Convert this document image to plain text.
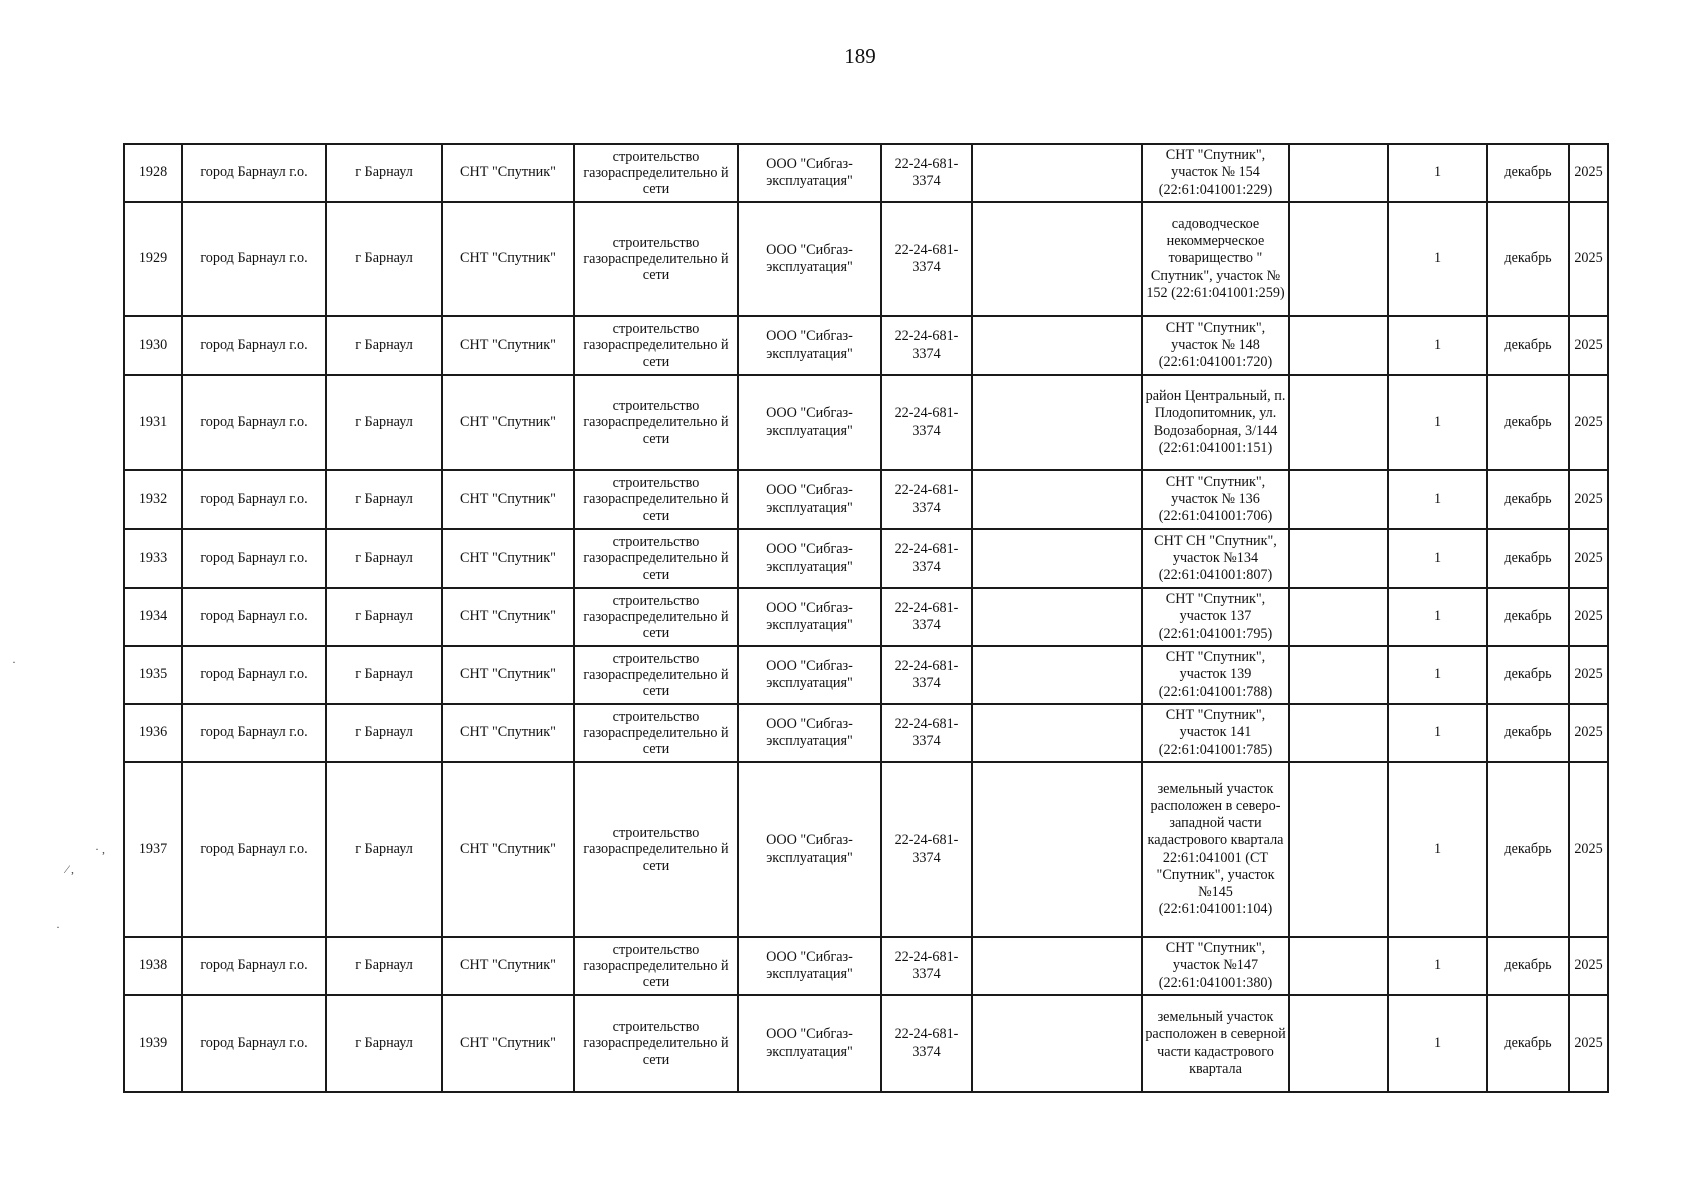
189
1928	город Барнаул г.о.	г Барнаул	СНТ "Спутник"	строительство газораспределительно й сети	ООО "Сибгаз-эксплуатация"	22-24-681-3374		СНТ "Спутник", участок № 154 (22:61:041001:229)		1	декабрь	2025
1929	город Барнаул г.о.	г Барнаул	СНТ "Спутник"	строительство газораспределительно й сети	ООО "Сибгаз-эксплуатация"	22-24-681-3374		садоводческое некоммерческое товарищество " Спутник", участок № 152 (22:61:041001:259)		1	декабрь	2025
1930	город Барнаул г.о.	г Барнаул	СНТ "Спутник"	строительство газораспределительно й сети	ООО "Сибгаз-эксплуатация"	22-24-681-3374		СНТ "Спутник", участок № 148 (22:61:041001:720)		1	декабрь	2025
1931	город Барнаул г.о.	г Барнаул	СНТ "Спутник"	строительство газораспределительно й сети	ООО "Сибгаз-эксплуатация"	22-24-681-3374		район Центральный, п. Плодопитомник, ул. Водозаборная, 3/144 (22:61:041001:151)		1	декабрь	2025
1932	город Барнаул г.о.	г Барнаул	СНТ "Спутник"	строительство газораспределительно й сети	ООО "Сибгаз-эксплуатация"	22-24-681-3374		СНТ "Спутник", участок № 136 (22:61:041001:706)		1	декабрь	2025
1933	город Барнаул г.о.	г Барнаул	СНТ "Спутник"	строительство газораспределительно й сети	ООО "Сибгаз-эксплуатация"	22-24-681-3374		СНТ СН "Спутник", участок №134 (22:61:041001:807)		1	декабрь	2025
1934	город Барнаул г.о.	г Барнаул	СНТ "Спутник"	строительство газораспределительно й сети	ООО "Сибгаз-эксплуатация"	22-24-681-3374		СНТ "Спутник", участок 137 (22:61:041001:795)		1	декабрь	2025
1935	город Барнаул г.о.	г Барнаул	СНТ "Спутник"	строительство газораспределительно й сети	ООО "Сибгаз-эксплуатация"	22-24-681-3374		СНТ "Спутник", участок 139 (22:61:041001:788)		1	декабрь	2025
1936	город Барнаул г.о.	г Барнаул	СНТ "Спутник"	строительство газораспределительно й сети	ООО "Сибгаз-эксплуатация"	22-24-681-3374		СНТ "Спутник", участок 141 (22:61:041001:785)		1	декабрь	2025
1937	город Барнаул г.о.	г Барнаул	СНТ "Спутник"	строительство газораспределительно й сети	ООО "Сибгаз-эксплуатация"	22-24-681-3374		земельный участок расположен в северо-западной части кадастрового квартала 22:61:041001 (СТ "Спутник", участок №145 (22:61:041001:104)		1	декабрь	2025
1938	город Барнаул г.о.	г Барнаул	СНТ "Спутник"	строительство газораспределительно й сети	ООО "Сибгаз-эксплуатация"	22-24-681-3374		СНТ "Спутник", участок №147 (22:61:041001:380)		1	декабрь	2025
1939	город Барнаул г.о.	г Барнаул	СНТ "Спутник"	строительство газораспределительно й сети	ООО "Сибгаз-эксплуатация"	22-24-681-3374		земельный участок расположен в северной части кадастрового квартала		1	декабрь	2025
·
· ,
⁄ ,
·
